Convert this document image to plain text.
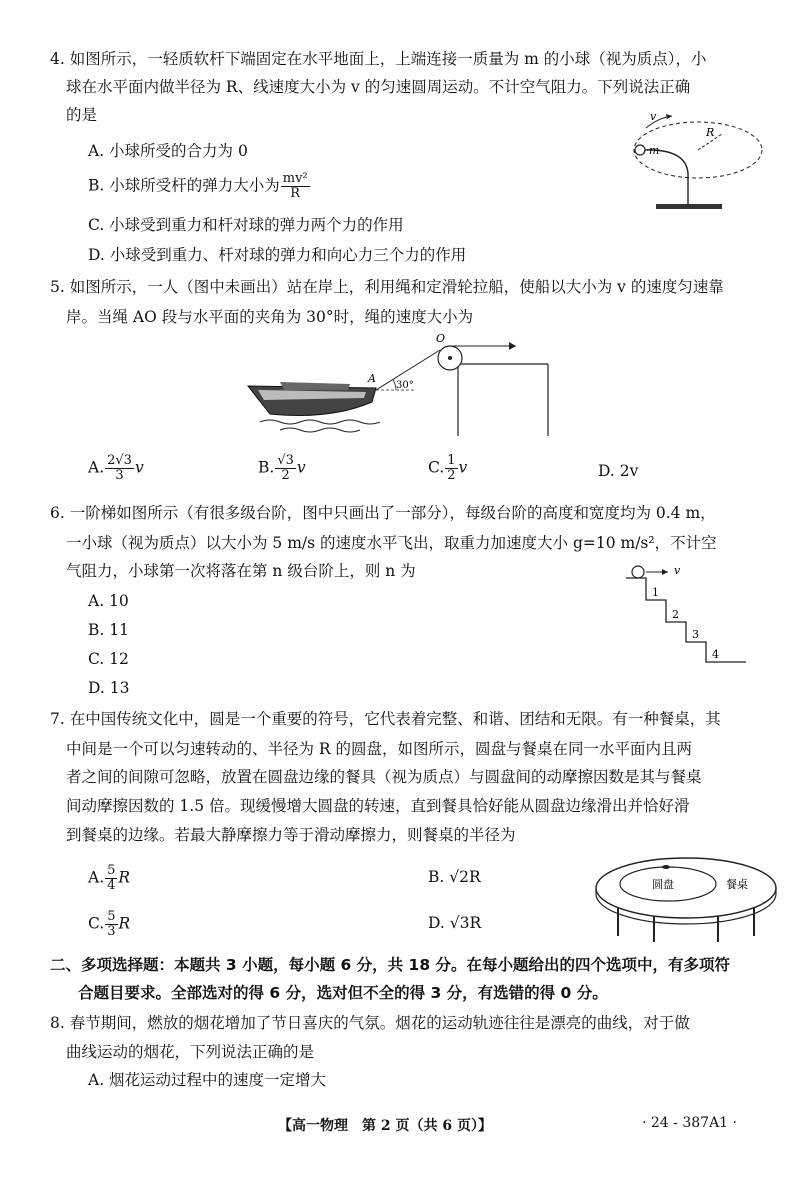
4. 如图所示，一轻质软杆下端固定在水平地面上，上端连接一质量为 m 的小球（视为质点），小
球在水平面内做半径为 R、线速度大小为 v 的匀速圆周运动。不计空气阻力。下列说法正确
的是
A. 小球所受的合力为 0
B. 小球所受杆的弹力大小为 $\frac{\text{mv²}}{R}$
C. 小球受到重力和杆对球的弹力两个力的作用
D. 小球受到重力、杆对球的弹力和向心力三个力的作用
v
m
R
5. 如图所示，一人（图中未画出）站在岸上，利用绳和定滑轮拉船，使船以大小为 v 的速度匀速靠
岸。当绳 AO 段与水平面的夹角为 30°时，绳的速度大小为
O
A
30°
A. $\frac{2√3}{3}$ v	B. $\frac{√3}{2}$ v	C. $\frac{1}{2}$ v	D. 2v
6. 一阶梯如图所示（有很多级台阶，图中只画出了一部分），每级台阶的高度和宽度均为 0.4 m，
一小球（视为质点）以大小为 5 m/s 的速度水平飞出，取重力加速度大小 g=10 m/s²，不计空
气阻力，小球第一次将落在第 n 级台阶上，则 n 为
A. 10
B. 11
C. 12
D. 13
v
1
2
3
4
7. 在中国传统文化中，圆是一个重要的符号，它代表着完整、和谐、团结和无限。有一种餐桌，其
中间是一个可以匀速转动的、半径为 R 的圆盘，如图所示，圆盘与餐桌在同一水平面内且两
者之间的间隙可忽略，放置在圆盘边缘的餐具（视为质点）与圆盘间的动摩擦因数是其与餐桌
间动摩擦因数的 1.5 倍。现缓慢增大圆盘的转速，直到餐具恰好能从圆盘边缘滑出并恰好滑
到餐桌的边缘。若最大静摩擦力等于滑动摩擦力，则餐桌的半径为
A. $\frac{5}{4}$ R	B. √2R
C. $\frac{5}{3}$ R	D. √3R
圆盘	餐桌
二、多项选择题：本题共 3 小题，每小题 6 分，共 18 分。在每小题给出的四个选项中，有多项符
合题目要求。全部选对的得 6 分，选对但不全的得 3 分，有选错的得 0 分。
8. 春节期间，燃放的烟花增加了节日喜庆的气氛。烟花的运动轨迹往往是漂亮的曲线，对于做
曲线运动的烟花，下列说法正确的是
A. 烟花运动过程中的速度一定增大
【高一物理　第 2 页（共 6 页）】	· 24 - 387A1 ·
